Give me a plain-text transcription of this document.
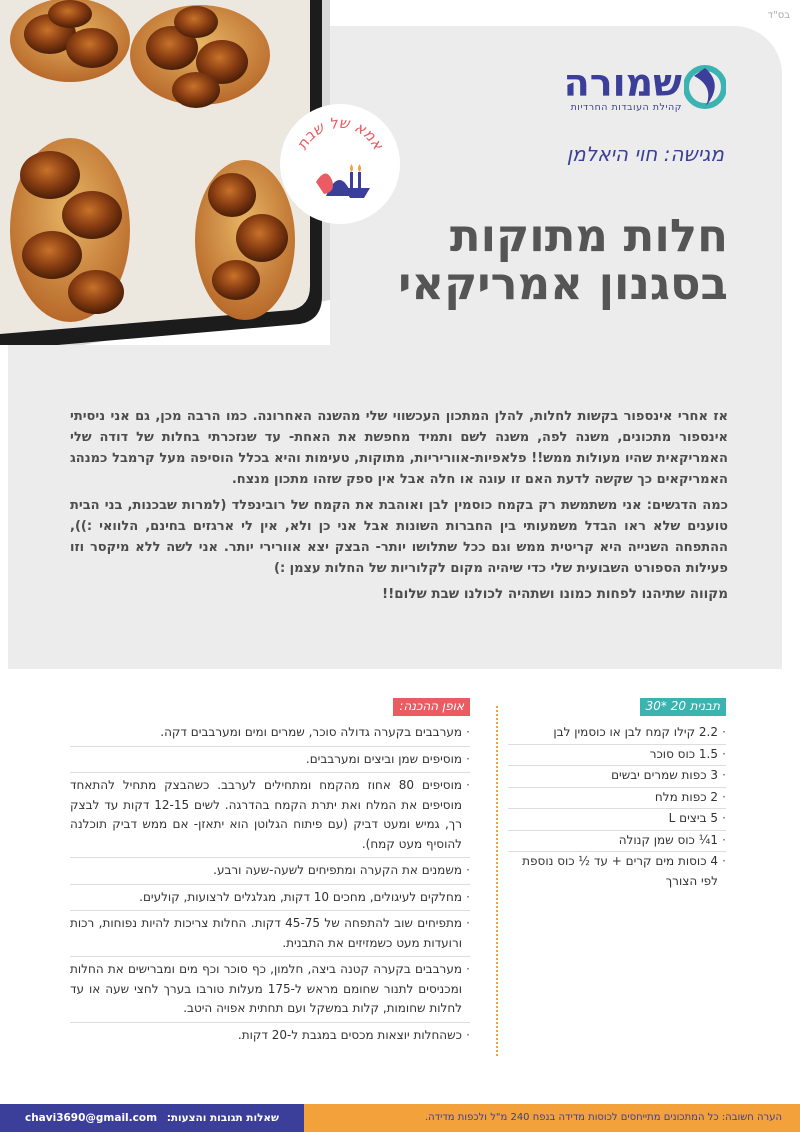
בס"ד
אמא של שבת
שמורה
קהילת העובדות החרדיות
מגישה: חוי היאלמן
חלות מתוקות בסגנון אמריקאי

אז אחרי אינספור בקשות לחלות, להלן המתכון העכשווי שלי מהשנה האחרונה. כמו הרבה מכן, גם אני ניסיתי אינספור מתכונים, משנה לפה, משנה לשם ותמיד מחפשת את האחת- עד שנזכרתי בחלות של דודה שלי האמריקאית שהיו מעולות ממש!! פלאפיות-אווריריות, מתוקות, טעימות והיא בכלל הוסיפה מעל קרמבל כמנהג האמריקאים כך שקשה לדעת האם זו עוגה או חלה אבל אין ספק שזהו מתכון מנצח.

כמה הדגשים: אני משתמשת רק בקמח כוסמין לבן ואוהבת את הקמח של רובינפלד (למרות שבכנות, בני הבית טוענים שלא ראו הבדל משמעותי בין החברות השונות אבל אני כן ולא, אין לי ארגזים בחינם, הלוואי :)), ההתפחה השנייה היא קריטית ממש וגם ככל שתלושו יותר- הבצק יצא אוורירי יותר. אני לשה ללא מיקסר וזו פעילות הספורט השבועית שלי כדי שיהיה מקום לקלוריות של החלות עצמן :)

מקווה שתיהנו לפחות כמונו ושתהיה לכולנו שבת שלום!!

תבנית 20 *30
· 2.2 קילו קמח לבן או כוסמין לבן
· 1.5 כוס סוכר
· 3 כפות שמרים יבשים
· 2 כפות מלח
· 5 ביצים L
· 1¼ כוס שמן קנולה
· 4 כוסות מים קרים + עד ½ כוס נוספת לפי הצורך
אופן ההכנה:
· מערבבים בקערה גדולה סוכר, שמרים ומים ומערבבים דקה.
· מוסיפים שמן וביצים ומערבבים.
· מוסיפים 80 אחוז מהקמח ומתחילים לערבב. כשהבצק מתחיל להתאחד מוסיפים את המלח ואת יתרת הקמח בהדרגה. לשים 12-15 דקות עד לבצק רך, גמיש ומעט דביק (עם פיתוח הגלוטן הוא יתאזן- אם ממש דביק תוכלנה להוסיף מעט קמח).
· משמנים את הקערה ומתפיחים לשעה-שעה ורבע.
· מחלקים לעיגולים, מחכים 10 דקות, מגלגלים לרצועות, קולעים.
· מתפיחים שוב להתפחה של 45-75 דקות. החלות צריכות להיות נפוחות, רכות ורועדות מעט כשמזיזים את התבנית.
· מערבבים בקערה קטנה ביצה, חלמון, כף סוכר וכף מים ומברישים את החלות ומכניסים לתנור שחומם מראש ל-175 מעלות טורבו בערך לחצי שעה או עד לחלות שחומות, קלות במשקל ועם תחתית אפויה היטב.
· כשהחלות יוצאות מכסים במגבת ל-20 דקות.
הערה חשובה: כל המתכונים מתייחסים לכוסות מדידה בנפח 240 מ"ל ולכפות מדידה.
שאלות תגובות והצעות: chavi3690@gmail.com
